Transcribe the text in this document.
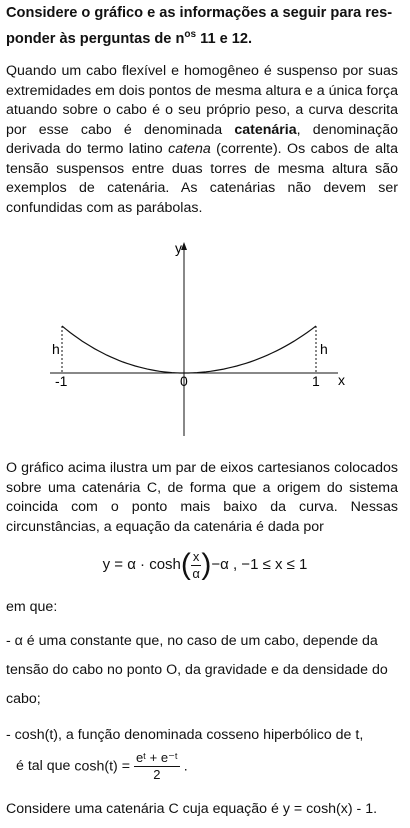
Considere o gráfico e as informações a seguir para res-
ponder às perguntas de $n^{os}$ 11 e 12.
Quando um cabo flexível e homogêneo é suspenso por suas extremidades em dois pontos de mesma altura e a única força atuando sobre o cabo é o seu próprio peso, a curva descrita por esse cabo é denominada catenária, denominação derivada do termo latino catena (corrente). Os cabos de alta tensão suspensos entre duas torres de mesma altura são exemplos de catenária. As catenárias não devem ser confundidas com as parábolas.
y
x
0
-1	1
h	h
O gráfico acima ilustra um par de eixos cartesianos colocados sobre uma catenária C, de forma que a origem do sistema coincida com o ponto mais baixo da curva. Nessas circunstâncias, a equação da catenária é dada por
$y = \alpha \cdot \cosh( \frac{x}{\alpha} )-\alpha$ , −1 ≤ x ≤ 1
em que:
- α é uma constante que, no caso de um cabo, depende da tensão do cabo no ponto O, da gravidade e da densidade do cabo;
- cosh(t), a função denominada cosseno hiperbólico de t,
é tal que $\cosh(t) = \frac{\text{eᵗ + e⁻ᵗ}}{2}$ .
Considere uma catenária C cuja equação é y = cosh(x) - 1.
